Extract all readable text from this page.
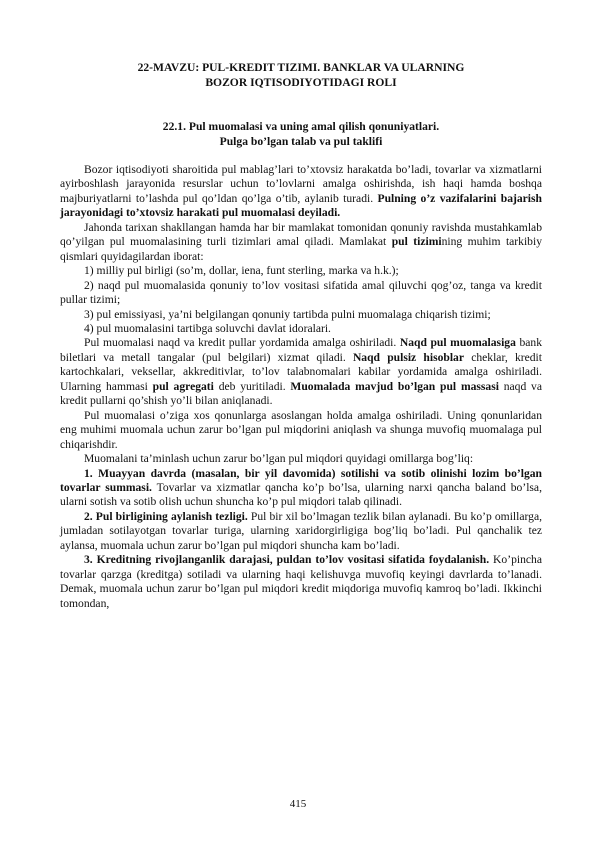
22-MAVZU: PUL-KREDIT TIZIMI. BANKLAR VA ULARNING
BOZOR IQTISODIYOTIDAGI ROLI
22.1. Pul muomalasi va uning amal qilish qonuniyatlari.
Pulga bo’lgan talab va pul taklifi

Bozor iqtisodiyoti sharoitida pul mablag’lari to’xtovsiz harakatda bo’ladi, tovarlar va xizmatlarni ayirboshlash jarayonida resurslar uchun to’lovlarni amalga oshirishda, ish haqi hamda boshqa majburiyatlarni to’lashda pul qo’ldan qo’lga o’tib, aylanib turadi. Pulning o’z vazifalarini bajarish jarayonidagi to’xtovsiz harakati pul muomalasi deyiladi.

Jahonda tarixan shakllangan hamda har bir mamlakat tomonidan qonuniy ravishda mustahkamlab qo’yilgan pul muomalasining turli tizimlari amal qiladi. Mamlakat pul tizimining muhim tarkibiy qismlari quyidagilardan iborat:

1) milliy pul birligi (so’m, dollar, iena, funt sterling, marka va h.k.);

2) naqd pul muomalasida qonuniy to’lov vositasi sifatida amal qiluvchi qog’oz, tanga va kredit pullar tizimi;

3) pul emissiyasi, ya’ni belgilangan qonuniy tartibda pulni muomalaga chiqarish tizimi;

4) pul muomalasini tartibga soluvchi davlat idoralari.

Pul muomalasi naqd va kredit pullar yordamida amalga oshiriladi. Naqd pul muomalasiga bank biletlari va metall tangalar (pul belgilari) xizmat qiladi. Naqd pulsiz hisoblar cheklar, kredit kartochkalari, veksellar, akkreditivlar, to’lov talabnomalari kabilar yordamida amalga oshiriladi. Ularning hammasi pul agregati deb yuritiladi. Muomalada mavjud bo’lgan pul massasi naqd va kredit pullarni qo’shish yo’li bilan aniqlanadi.

Pul muomalasi o’ziga xos qonunlarga asoslangan holda amalga oshiriladi. Uning qonunlaridan eng muhimi muomala uchun zarur bo’lgan pul miqdorini aniqlash va shunga muvofiq muomalaga pul chiqarishdir.

Muomalani ta’minlash uchun zarur bo’lgan pul miqdori quyidagi omillarga bog’liq:

1. Muayyan davrda (masalan, bir yil davomida) sotilishi va sotib olinishi lozim bo’lgan tovarlar summasi. Tovarlar va xizmatlar qancha ko’p bo’lsa, ularning narxi qancha baland bo’lsa, ularni sotish va sotib olish uchun shuncha ko’p pul miqdori talab qilinadi.

2. Pul birligining aylanish tezligi. Pul bir xil bo’lmagan tezlik bilan aylanadi. Bu ko’p omillarga, jumladan sotilayotgan tovarlar turiga, ularning xaridorgirligiga bog’liq bo’ladi. Pul qanchalik tez aylansa, muomala uchun zarur bo’lgan pul miqdori shuncha kam bo’ladi.

3. Kreditning rivojlanganlik darajasi, puldan to’lov vositasi sifatida foydalanish. Ko’pincha tovarlar qarzga (kreditga) sotiladi va ularning haqi kelishuvga muvofiq keyingi davrlarda to’lanadi. Demak, muomala uchun zarur bo’lgan pul miqdori kredit miqdoriga muvofiq kamroq bo’ladi. Ikkinchi tomondan,

415
